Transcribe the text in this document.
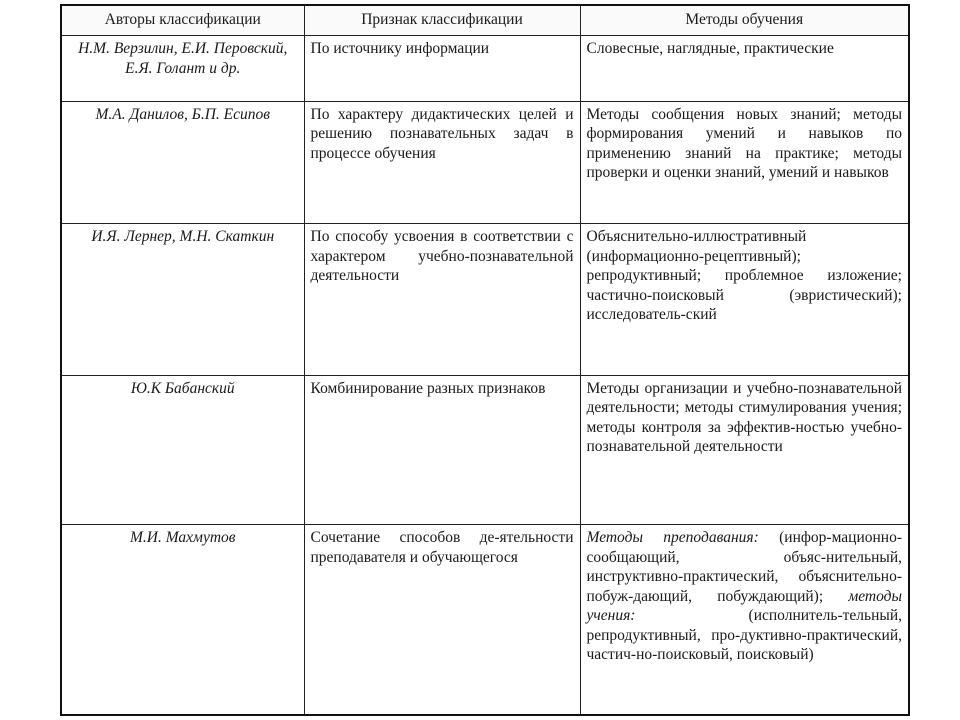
Авторы классификации	Признак классификации	Методы обучения
Н.М. Верзилин, Е.И. Перовский, Е.Я. Голант и др.	По источнику информации	Словесные, наглядные, практические
М.А. Данилов, Б.П. Есипов	По характеру дидактических целей и решению познавательных задач в процессе обучения	Методы сообщения новых знаний; методы формирования умений и навыков по применению знаний на практике; методы проверки и оценки знаний, умений и навыков
И.Я. Лернер, М.Н. Скаткин	По способу усвоения в соответствии с характером учебно-познавательной деятельности	Объяснительно-иллюстративный (информационно-рецептивный); репродуктивный; проблемное изложение; частично-поисковый (эвристический); исследователь-ский
Ю.К Бабанский	Комбинирование разных признаков	Методы организации и учебно-познавательной деятельности; методы стимулирования учения; методы контроля за эффектив-ностью учебно-познавательной деятельности
М.И. Махмутов	Сочетание способов де-ятельности преподавателя и обучающегося	Методы преподавания: (инфор-мационно-сообщающий, объяс-нительный, инструктивно-практический, объяснительно-побуж-дающий, побуждающий); методы учения: (исполнитель-тельный, репродуктивный, про-дуктивно-практический, частич-но-поисковый, поисковый)
